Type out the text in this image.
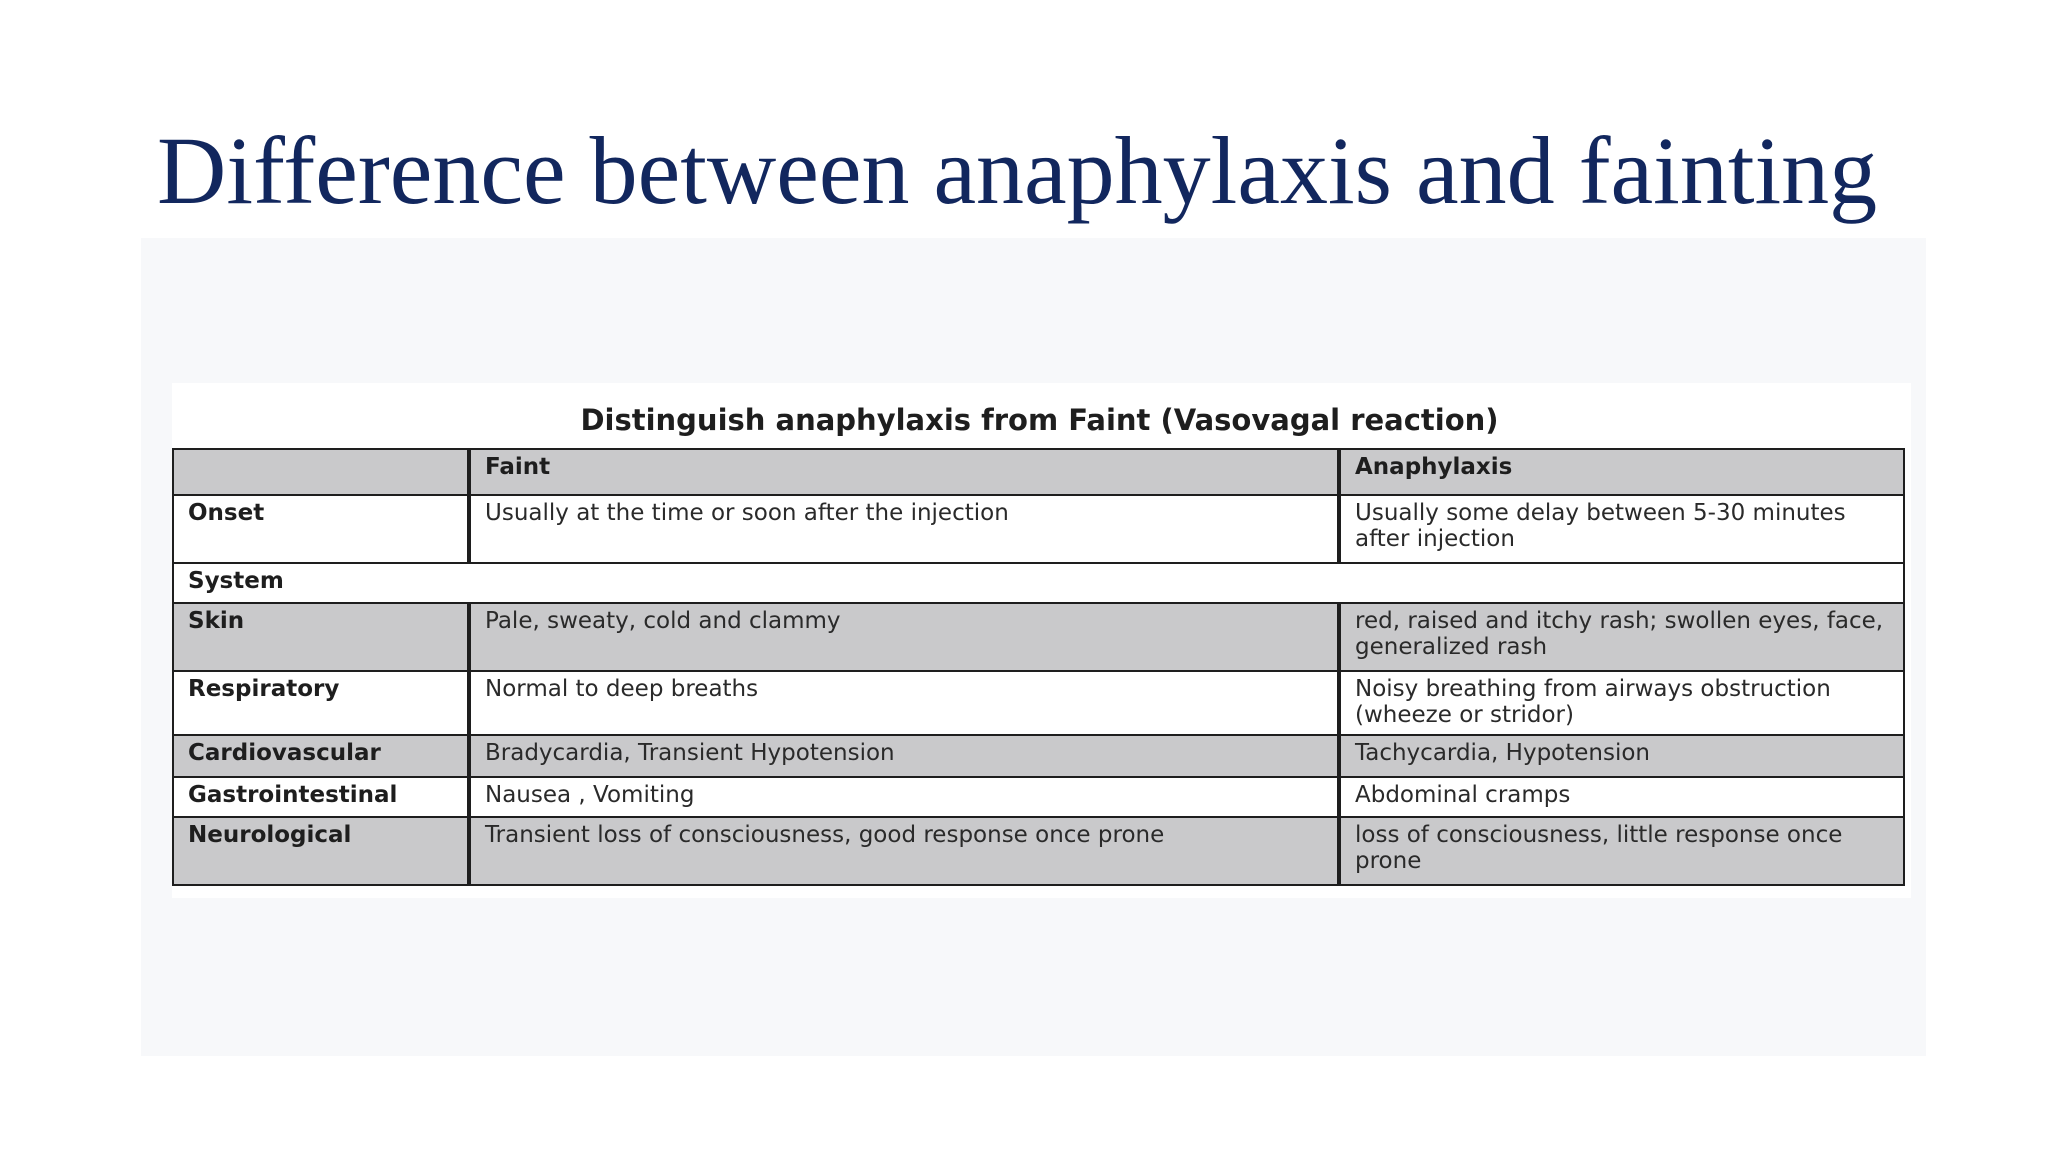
Difference between anaphylaxis and fainting
Distinguish anaphylaxis from Faint (Vasovagal reaction)
	Faint	Anaphylaxis
Onset	Usually at the time or soon after the injection	Usually some delay between 5-30 minutes after injection
System		
Skin	Pale, sweaty, cold and clammy	red, raised and itchy rash; swollen eyes, face, generalized rash
Respiratory	Normal to deep breaths	Noisy breathing from airways obstruction (wheeze or stridor)
Cardiovascular	Bradycardia, Transient Hypotension	Tachycardia, Hypotension
Gastrointestinal	Nausea , Vomiting	Abdominal cramps
Neurological	Transient loss of consciousness, good response once prone	loss of consciousness, little response once prone
